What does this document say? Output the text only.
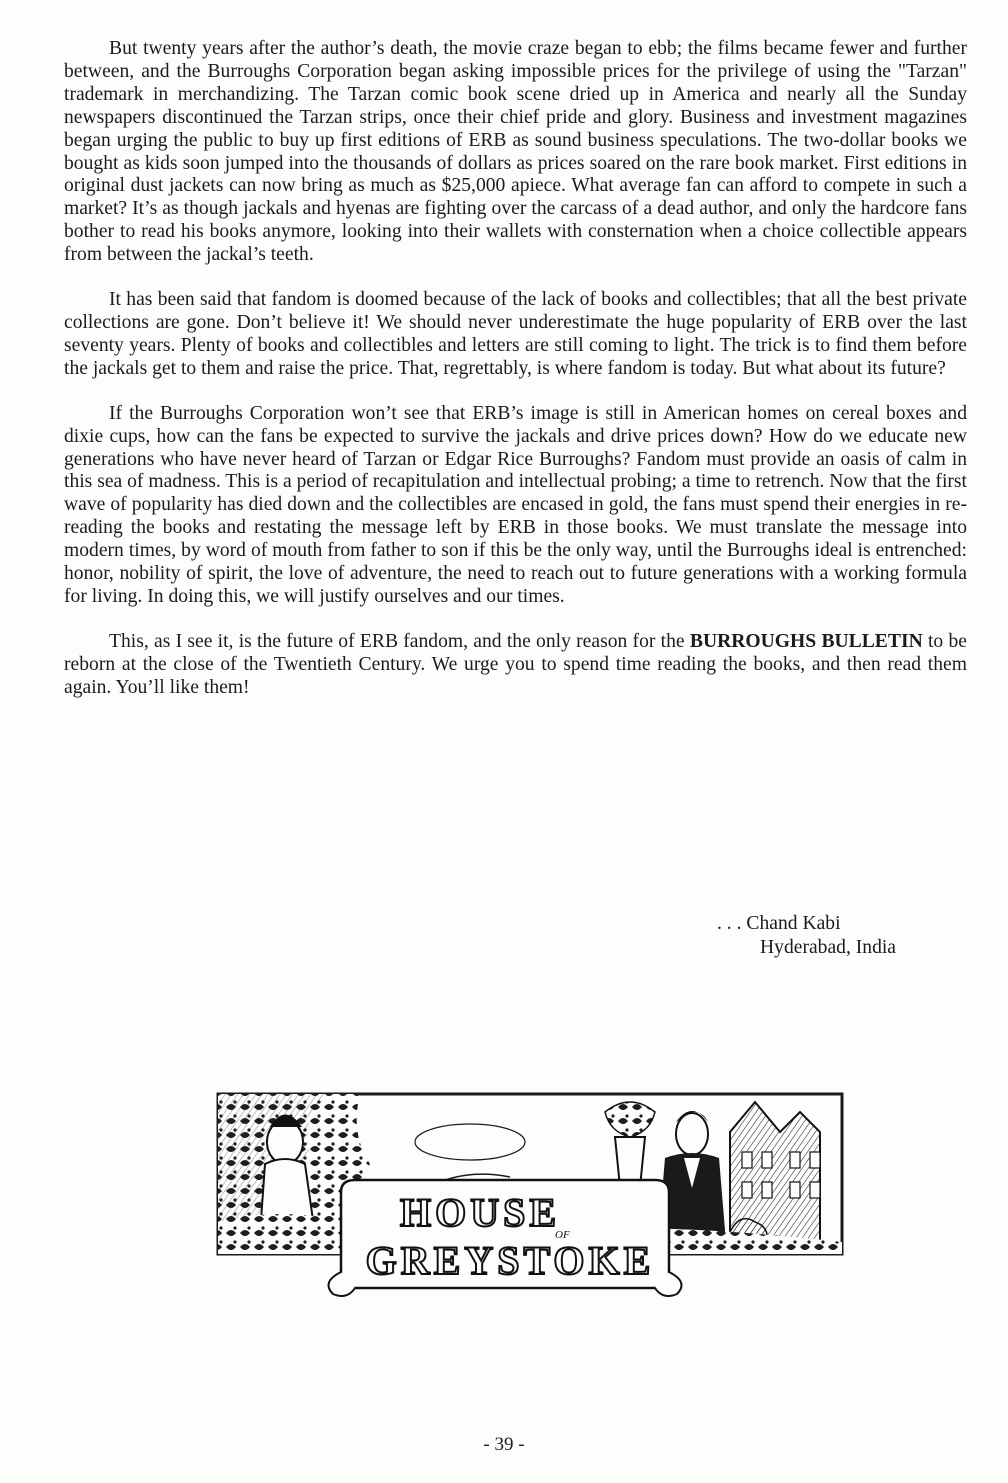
But twenty years after the author’s death, the movie craze began to ebb; the films became fewer and further between, and the Burroughs Corporation began asking impossible prices for the privilege of using the "Tarzan" trademark in merchandizing. The Tarzan comic book scene dried up in America and nearly all the Sunday newspapers discontinued the Tarzan strips, once their chief pride and glory. Business and investment magazines began urging the public to buy up first editions of ERB as sound business speculations. The two-dollar books we bought as kids soon jumped into the thousands of dollars as prices soared on the rare book market. First editions in original dust jackets can now bring as much as $25,000 apiece. What average fan can afford to compete in such a market? It’s as though jackals and hyenas are fighting over the carcass of a dead author, and only the hardcore fans bother to read his books anymore, looking into their wallets with consternation when a choice collectible appears from between the jackal’s teeth.

It has been said that fandom is doomed because of the lack of books and collectibles; that all the best private collections are gone. Don’t believe it! We should never underestimate the huge popularity of ERB over the last seventy years. Plenty of books and collectibles and letters are still coming to light. The trick is to find them before the jackals get to them and raise the price. That, regrettably, is where fandom is today. But what about its future?

If the Burroughs Corporation won’t see that ERB’s image is still in American homes on cereal boxes and dixie cups, how can the fans be expected to survive the jackals and drive prices down? How do we educate new generations who have never heard of Tarzan or Edgar Rice Burroughs? Fandom must provide an oasis of calm in this sea of madness. This is a period of recapitulation and intellectual probing; a time to retrench. Now that the first wave of popularity has died down and the collectibles are encased in gold, the fans must spend their energies in re-reading the books and restating the message left by ERB in those books. We must translate the message into modern times, by word of mouth from father to son if this be the only way, until the Burroughs ideal is entrenched: honor, nobility of spirit, the love of adventure, the need to reach out to future generations with a working formula for living. In doing this, we will justify ourselves and our times.

This, as I see it, is the future of ERB fandom, and the only reason for the BURROUGHS BULLETIN to be reborn at the close of the Twentieth Century. We urge you to spend time reading the books, and then read them again. You’ll like them!

. . . Chand Kabi
Hyderabad, India
HOUSE
OF
GREYSTOKE
- 39 -
